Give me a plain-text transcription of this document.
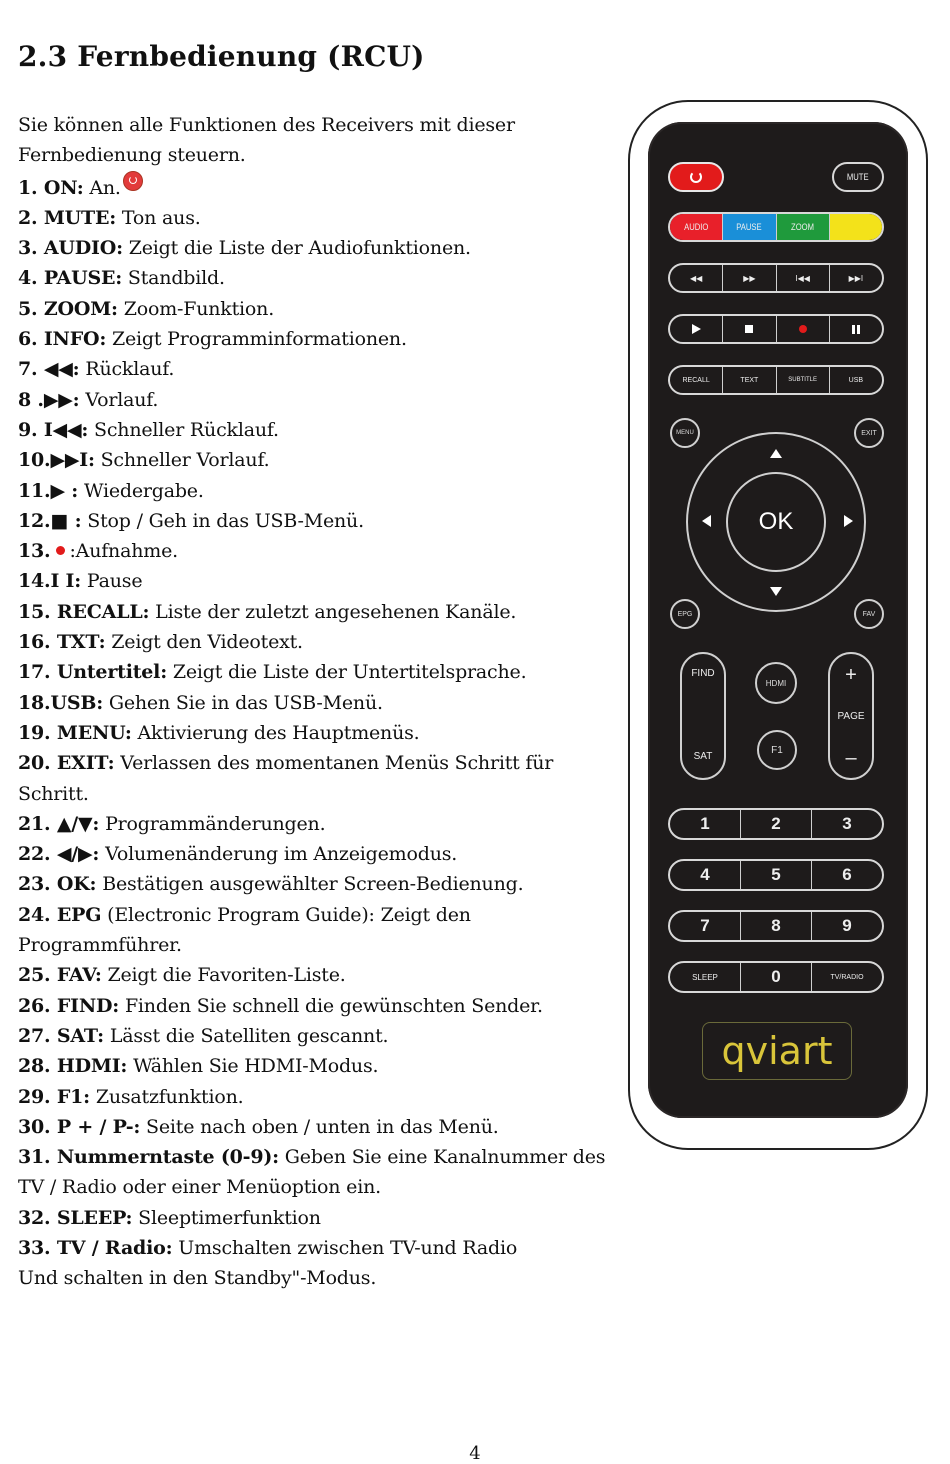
2.3 Fernbedienung (RCU)
Sie können alle Funktionen des Receivers mit dieser
Fernbedienung steuern.
1. ON: An.
2. MUTE: Ton aus.
3. AUDIO: Zeigt die Liste der Audiofunktionen.
4. PAUSE: Standbild.
5. ZOOM: Zoom-Funktion.
6. INFO: Zeigt Programminformationen.
7. ◀◀: Rücklauf.
8 .▶▶: Vorlauf.
9. I◀◀: Schneller Rücklauf.
10.▶▶I: Schneller Vorlauf.
11.▶ : Wiedergabe.
12.■ : Stop / Geh in das USB-Menü.
13. :Aufnahme.
14.I I: Pause
15. RECALL: Liste der zuletzt angesehenen Kanäle.
16. TXT: Zeigt den Videotext.
17. Untertitel: Zeigt die Liste der Untertitelsprache.
18.USB: Gehen Sie in das USB-Menü.
19. MENU: Aktivierung des Hauptmenüs.
20. EXIT: Verlassen des momentanen Menüs Schritt für
Schritt.
21. ▲/▼: Programmänderungen.
22. ◀/▶: Volumenänderung im Anzeigemodus.
23. OK: Bestätigen ausgewählter Screen-Bedienung.
24. EPG (Electronic Program Guide): Zeigt den
Programmführer.
25. FAV: Zeigt die Favoriten-Liste.
26. FIND: Finden Sie schnell die gewünschten Sender.
27. SAT: Lässt die Satelliten gescannt.
28. HDMI: Wählen Sie HDMI-Modus.
29. F1: Zusatzfunktion.
30. P + / P-: Seite nach oben / unten in das Menü.
31. Nummerntaste (0-9): Geben Sie eine Kanalnummer des
TV / Radio oder einer Menüoption ein.
32. SLEEP: Sleeptimerfunktion
33. TV / Radio: Umschalten zwischen TV-und Radio
Und schalten in den Standby"-Modus.
MUTE
AUDIO	PAUSE	ZOOM	INFO
◀◀	▶▶	I◀◀	▶▶I
RECALL	TEXT	SUBTITLE	USB
MENU	EXIT
OK
EPG	FAV
FIND
SAT
HDMI
F1
+
PAGE
–
1	2	3
4	5	6
7	8	9
SLEEP	0	TV/RADIO
qviart
4
